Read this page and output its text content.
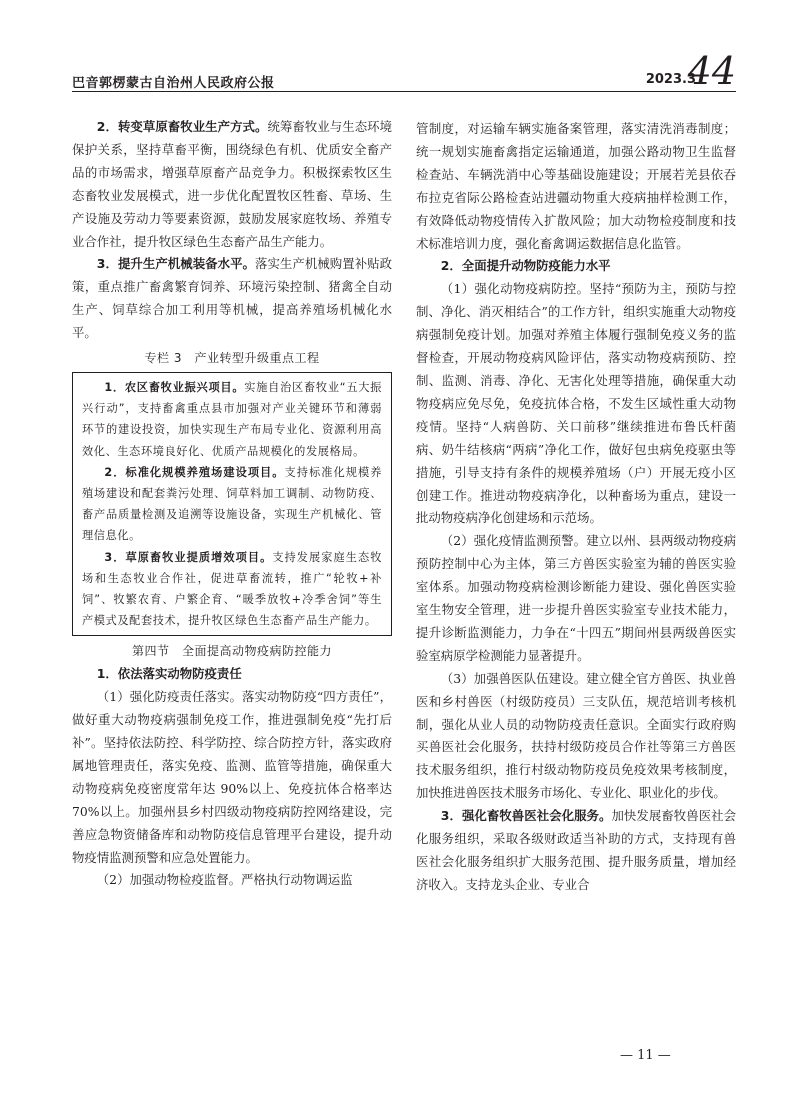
巴音郭楞蒙古自治州人民政府公报	2023.3
44

2．转变草原畜牧业生产方式。统筹畜牧业与生态环境保护关系，坚持草畜平衡，围绕绿色有机、优质安全畜产品的市场需求，增强草原畜产品竞争力。积极探索牧区生态畜牧业发展模式，进一步优化配置牧区牲畜、草场、生产设施及劳动力等要素资源，鼓励发展家庭牧场、养殖专业合作社，提升牧区绿色生态畜产品生产能力。

3．提升生产机械装备水平。落实生产机械购置补贴政策，重点推广畜禽繁育饲养、环境污染控制、猪禽全自动生产、饲草综合加工利用等机械，提高养殖场机械化水平。

专栏 3　产业转型升级重点工程

1．农区畜牧业振兴项目。实施自治区畜牧业“五大振兴行动”，支持畜禽重点县市加强对产业关键环节和薄弱环节的建设投资，加快实现生产布局专业化、资源利用高效化、生态环境良好化、优质产品规模化的发展格局。

2．标准化规模养殖场建设项目。支持标准化规模养殖场建设和配套粪污处理、饲草料加工调制、动物防疫、畜产品质量检测及追溯等设施设备，实现生产机械化、管理信息化。

3．草原畜牧业提质增效项目。支持发展家庭生态牧场和生态牧业合作社，促进草畜流转，推广“轮牧+补饲”、牧繁农育、户繁企育、“暖季放牧+冷季舍饲”等生产模式及配套技术，提升牧区绿色生态畜产品生产能力。

第四节　全面提高动物疫病防控能力
1．依法落实动物防疫责任

（1）强化防疫责任落实。落实动物防疫“四方责任”，做好重大动物疫病强制免疫工作，推进强制免疫“先打后补”。坚持依法防控、科学防控、综合防控方针，落实政府属地管理责任，落实免疫、监测、监管等措施，确保重大动物疫病免疫密度常年达 90%以上、免疫抗体合格率达 70%以上。加强州县乡村四级动物疫病防控网络建设，完善应急物资储备库和动物防疫信息管理平台建设，提升动物疫情监测预警和应急处置能力。

（2）加强动物检疫监督。严格执行动物调运监

管制度，对运输车辆实施备案管理，落实清洗消毒制度；统一规划实施畜禽指定运输通道，加强公路动物卫生监督检查站、车辆洗消中心等基础设施建设；开展若羌县依吞布拉克省际公路检查站进疆动物重大疫病抽样检测工作，有效降低动物疫情传入扩散风险；加大动物检疫制度和技术标准培训力度，强化畜禽调运数据信息化监管。

2．全面提升动物防疫能力水平

（1）强化动物疫病防控。坚持“预防为主，预防与控制、净化、消灭相结合”的工作方针，组织实施重大动物疫病强制免疫计划。加强对养殖主体履行强制免疫义务的监督检查，开展动物疫病风险评估，落实动物疫病预防、控制、监测、消毒、净化、无害化处理等措施，确保重大动物疫病应免尽免，免疫抗体合格，不发生区域性重大动物疫情。坚持“人病兽防、关口前移”继续推进布鲁氏杆菌病、奶牛结核病“两病”净化工作，做好包虫病免疫驱虫等措施，引导支持有条件的规模养殖场（户）开展无疫小区创建工作。推进动物疫病净化，以种畜场为重点，建设一批动物疫病净化创建场和示范场。

（2）强化疫情监测预警。建立以州、县两级动物疫病预防控制中心为主体，第三方兽医实验室为辅的兽医实验室体系。加强动物疫病检测诊断能力建设、强化兽医实验室生物安全管理，进一步提升兽医实验室专业技术能力，提升诊断监测能力，力争在“十四五”期间州县两级兽医实验室病原学检测能力显著提升。

（3）加强兽医队伍建设。建立健全官方兽医、执业兽医和乡村兽医（村级防疫员）三支队伍，规范培训考核机制，强化从业人员的动物防疫责任意识。全面实行政府购买兽医社会化服务，扶持村级防疫员合作社等第三方兽医技术服务组织，推行村级动物防疫员免疫效果考核制度，加快推进兽医技术服务市场化、专业化、职业化的步伐。

3．强化畜牧兽医社会化服务。加快发展畜牧兽医社会化服务组织，采取各级财政适当补助的方式，支持现有兽医社会化服务组织扩大服务范围、提升服务质量，增加经济收入。支持龙头企业、专业合

— 11 —
